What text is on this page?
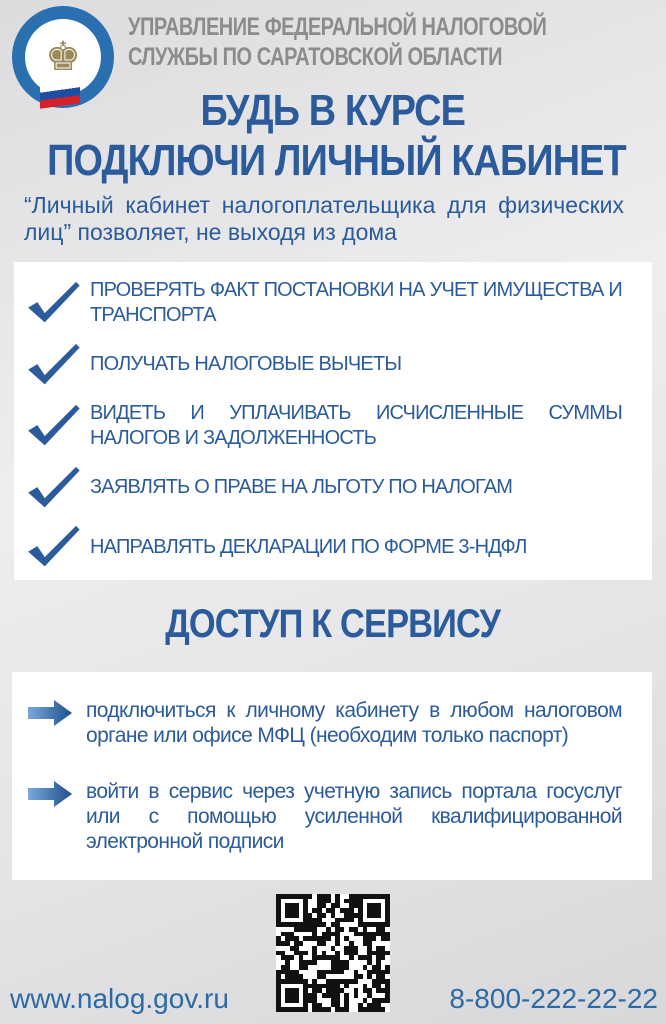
♚
УПРАВЛЕНИЕ ФЕДЕРАЛЬНОЙ НАЛОГОВОЙ
СЛУЖБЫ ПО САРАТОВСКОЙ ОБЛАСТИ
БУДЬ В КУРСЕ
ПОДКЛЮЧИ ЛИЧНЫЙ КАБИНЕТ
“Личный кабинет налогоплательщика для физических лиц” позволяет, не выходя из дома
ПРОВЕРЯТЬ ФАКТ ПОСТАНОВКИ НА УЧЕТ ИМУЩЕСТВА И ТРАНСПОРТА
ПОЛУЧАТЬ НАЛОГОВЫЕ ВЫЧЕТЫ
ВИДЕТЬ И УПЛАЧИВАТЬ ИСЧИСЛЕННЫЕ СУММЫ НАЛОГОВ И ЗАДОЛЖЕННОСТЬ
ЗАЯВЛЯТЬ О ПРАВЕ НА ЛЬГОТУ ПО НАЛОГАМ
НАПРАВЛЯТЬ ДЕКЛАРАЦИИ ПО ФОРМЕ 3-НДФЛ
ДОСТУП К СЕРВИСУ
подключиться к личному кабинету в любом налоговом органе или офисе МФЦ (необходим только паспорт)
войти в сервис через учетную запись портала госуслуг или с помощью усиленной квалифицированной электронной подписи
www.nalog.gov.ru	8-800-222-22-22
